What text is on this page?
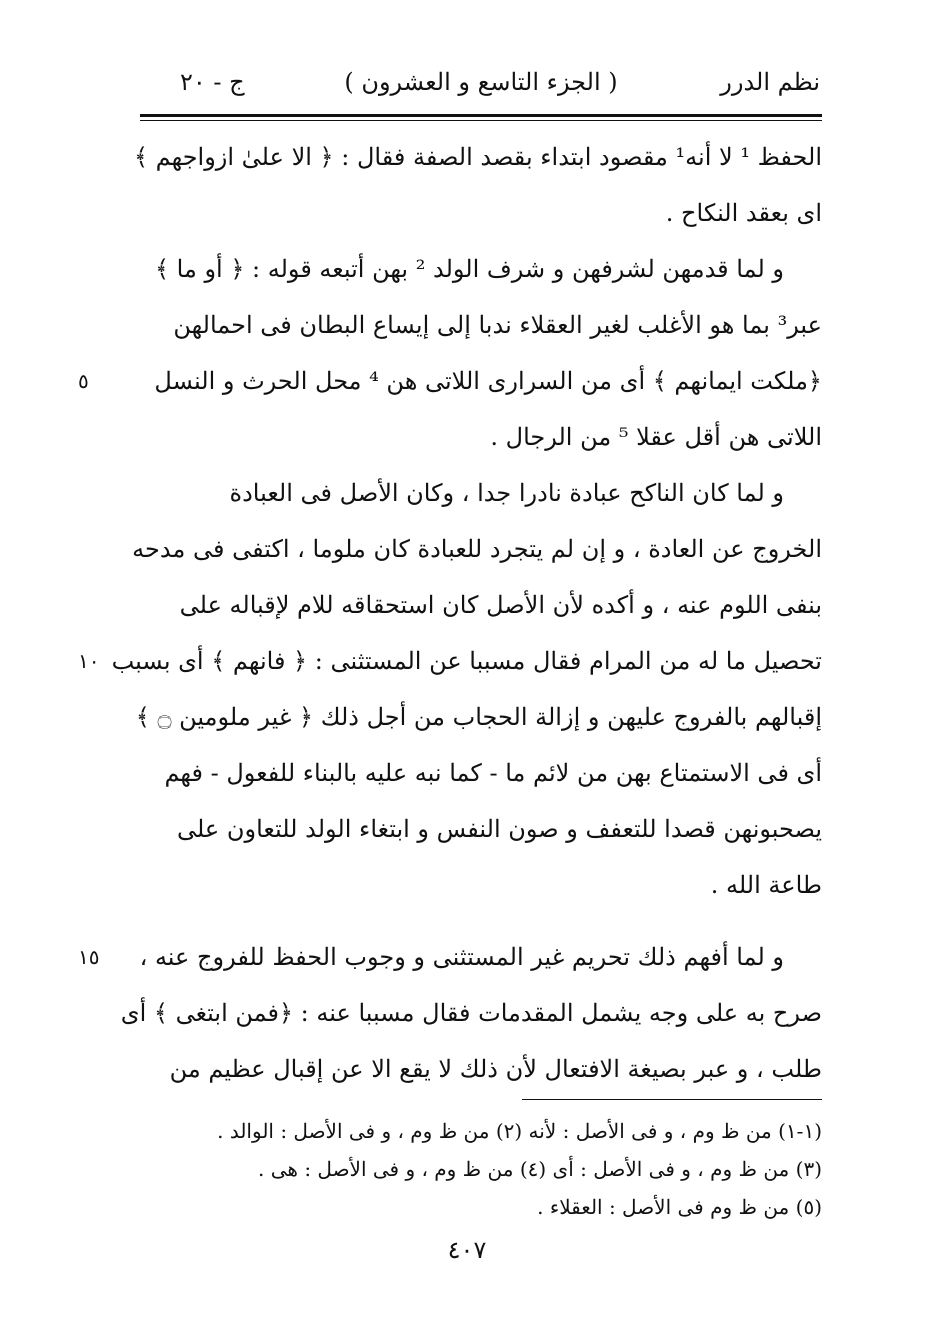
نظم الدرر
( الجزء التاسع و العشرون )
ج - ٢٠
الحفظ ¹ لا أنه¹ مقصود ابتداء بقصد الصفة فقال : ﴿ الا علىٰ ازواجهم ﴾
اى بعقد النكاح .
و لما قدمهن لشرفهن و شرف الولد ² بهن أتبعه قوله : ﴿ أو ما ﴾
عبر³ بما هو الأغلب لغير العقلاء ندبا إلى إيساع البطان فى احمالهن
﴿ملكت ايمانهم ﴾ أى من السرارى اللاتى هن ⁴ محل الحرث و النسل
٥
اللاتى هن أقل عقلا ⁵ من الرجال .
و لما كان الناكح عبادة نادرا جدا ، وكان الأصل فى العبادة
الخروج عن العادة ، و إن لم يتجرد للعبادة كان ملوما ، اكتفى فى مدحه
بنفى اللوم عنه ، و أكده لأن الأصل كان استحقاقه للام لإقباله على
تحصيل ما له من المرام فقال مسببا عن المستثنى : ﴿ فانهم ﴾ أى بسبب
١٠
إقبالهم بالفروج عليهن و إزالة الحجاب من أجل ذلك ﴿ غير ملومين ۝ ﴾
أى فى الاستمتاع بهن من لائم ما - كما نبه عليه بالبناء للفعول - فهم
يصحبونهن قصدا للتعفف و صون النفس و ابتغاء الولد للتعاون على
طاعة الله .
و لما أفهم ذلك تحريم غير المستثنى و وجوب الحفظ للفروج عنه ،
١٥
صرح به على وجه يشمل المقدمات فقال مسببا عنه : ﴿فمن ابتغى ﴾ أى
طلب ، و عبر بصيغة الافتعال لأن ذلك لا يقع الا عن إقبال عظيم من
(١-١) من ظ وم ، و فى الأصل : لأنه (٢) من ظ وم ، و فى الأصل : الوالد .
(٣) من ظ وم ، و فى الأصل : أى (٤) من ظ وم ، و فى الأصل : هى .
(٥) من ظ وم فى الأصل : العقلاء .
٤٠٧
